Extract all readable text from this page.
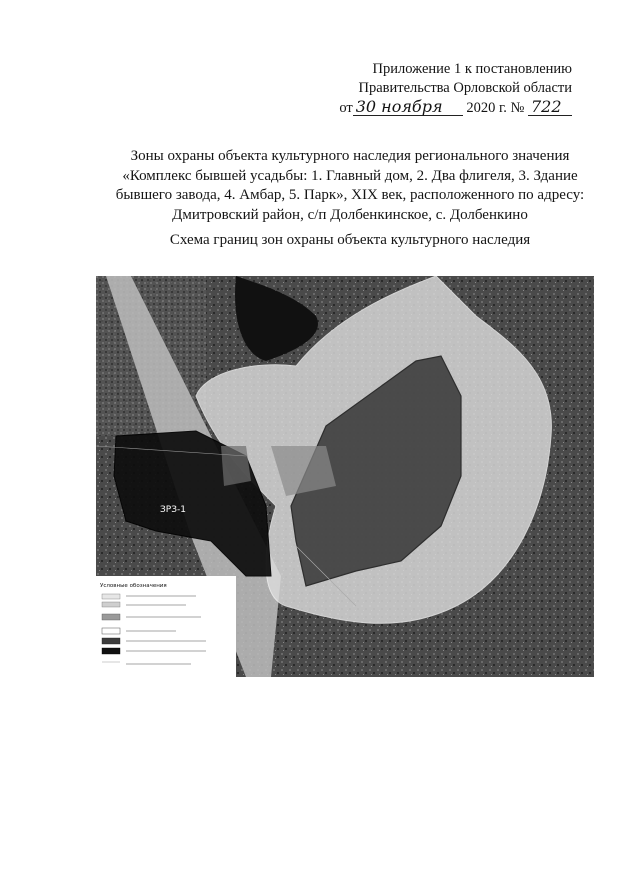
Приложение 1 к постановлению
Правительства Орловской области
от 30 ноября 2020 г. № 722
Зоны охраны объекта культурного наследия регионального значения
«Комплекс бывшей усадьбы: 1. Главный дом, 2. Два флигеля, 3. Здание
бывшего завода, 4. Амбар, 5. Парк», XIX век, расположенного по адресу:
Дмитровский район, с/п Долбенкинское, с. Долбенкино
Схема границ зон охраны объекта культурного наследия
ЗРЗ-1
Условные обозначения
